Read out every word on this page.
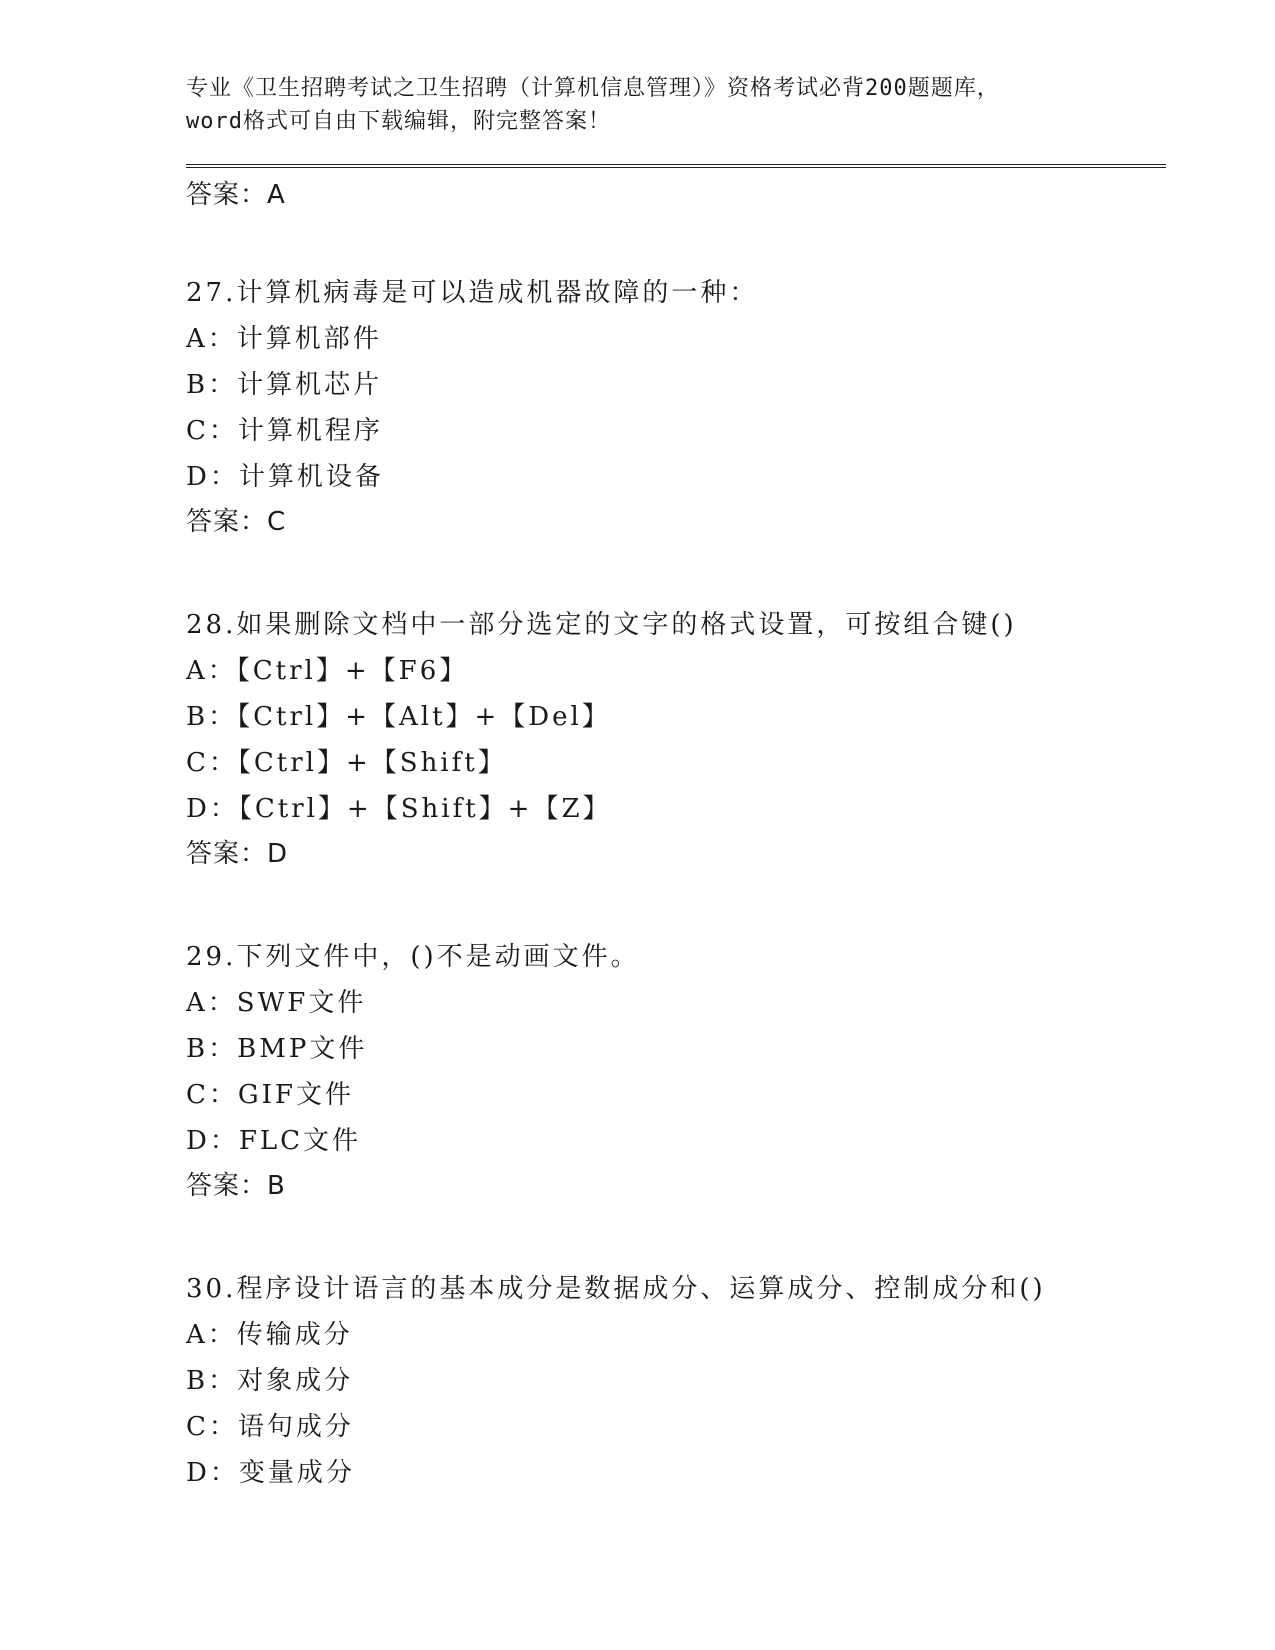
专业《卫生招聘考试之卫生招聘（计算机信息管理）》资格考试必背200题题库，

word格式可自由下载编辑，附完整答案！

答案：A

27.计算机病毒是可以造成机器故障的一种：

A：计算机部件

B：计算机芯片

C：计算机程序

D：计算机设备

答案：C

28.如果删除文档中一部分选定的文字的格式设置，可按组合键()

A：【Ctrl】+【F6】

B：【Ctrl】+【Alt】+【Del】

C：【Ctrl】+【Shift】

D：【Ctrl】+【Shift】+【Z】

答案：D

29.下列文件中，()不是动画文件。

A：SWF文件

B：BMP文件

C：GIF文件

D：FLC文件

答案：B

30.程序设计语言的基本成分是数据成分、运算成分、控制成分和()

A：传输成分

B：对象成分

C：语句成分

D：变量成分
